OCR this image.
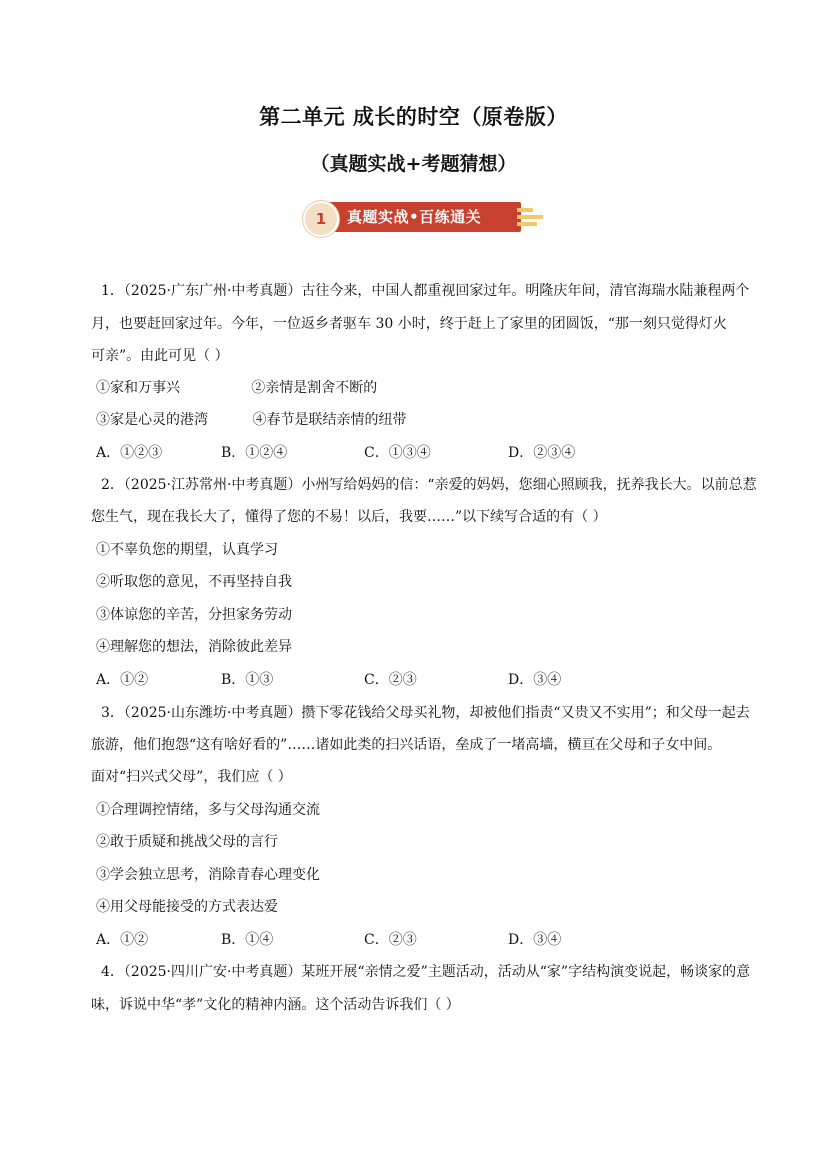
第二单元 成长的时空（原卷版）
（真题实战+考题猜想）
1	真题实战•百练通关
1．（2025·广东广州·中考真题）古往今来，中国人都重视回家过年。明隆庆年间，清官海瑞水陆兼程两个
月，也要赶回家过年。今年，一位返乡者驱车 30 小时，终于赶上了家里的团圆饭，“那一刻只觉得灯火
可亲”。由此可见（ ）
①家和万事兴                ②亲情是割舍不断的
③家是心灵的港湾          ④春节是联结亲情的纽带
A．①②③	B．①②④	C．①③④	D．②③④
2．（2025·江苏常州·中考真题）小州写给妈妈的信：“亲爱的妈妈，您细心照顾我，抚养我长大。以前总惹
您生气，现在我长大了，懂得了您的不易！以后，我要……”以下续写合适的有（ ）
①不辜负您的期望，认真学习
②听取您的意见，不再坚持自我
③体谅您的辛苦，分担家务劳动
④理解您的想法，消除彼此差异
A．①②	B．①③	C．②③	D．③④
3．（2025·山东潍坊·中考真题）攒下零花钱给父母买礼物，却被他们指责“又贵又不实用”；和父母一起去
旅游，他们抱怨“这有啥好看的”……诸如此类的扫兴话语，垒成了一堵高墙，横亘在父母和子女中间。
面对“扫兴式父母”，我们应（ ）
①合理调控情绪，多与父母沟通交流
②敢于质疑和挑战父母的言行
③学会独立思考，消除青春心理变化
④用父母能接受的方式表达爱
A．①②	B．①④	C．②③	D．③④
4．（2025·四川广安·中考真题）某班开展“亲情之爱”主题活动，活动从“家”字结构演变说起，畅谈家的意
味，诉说中华“孝”文化的精神内涵。这个活动告诉我们（ ）
